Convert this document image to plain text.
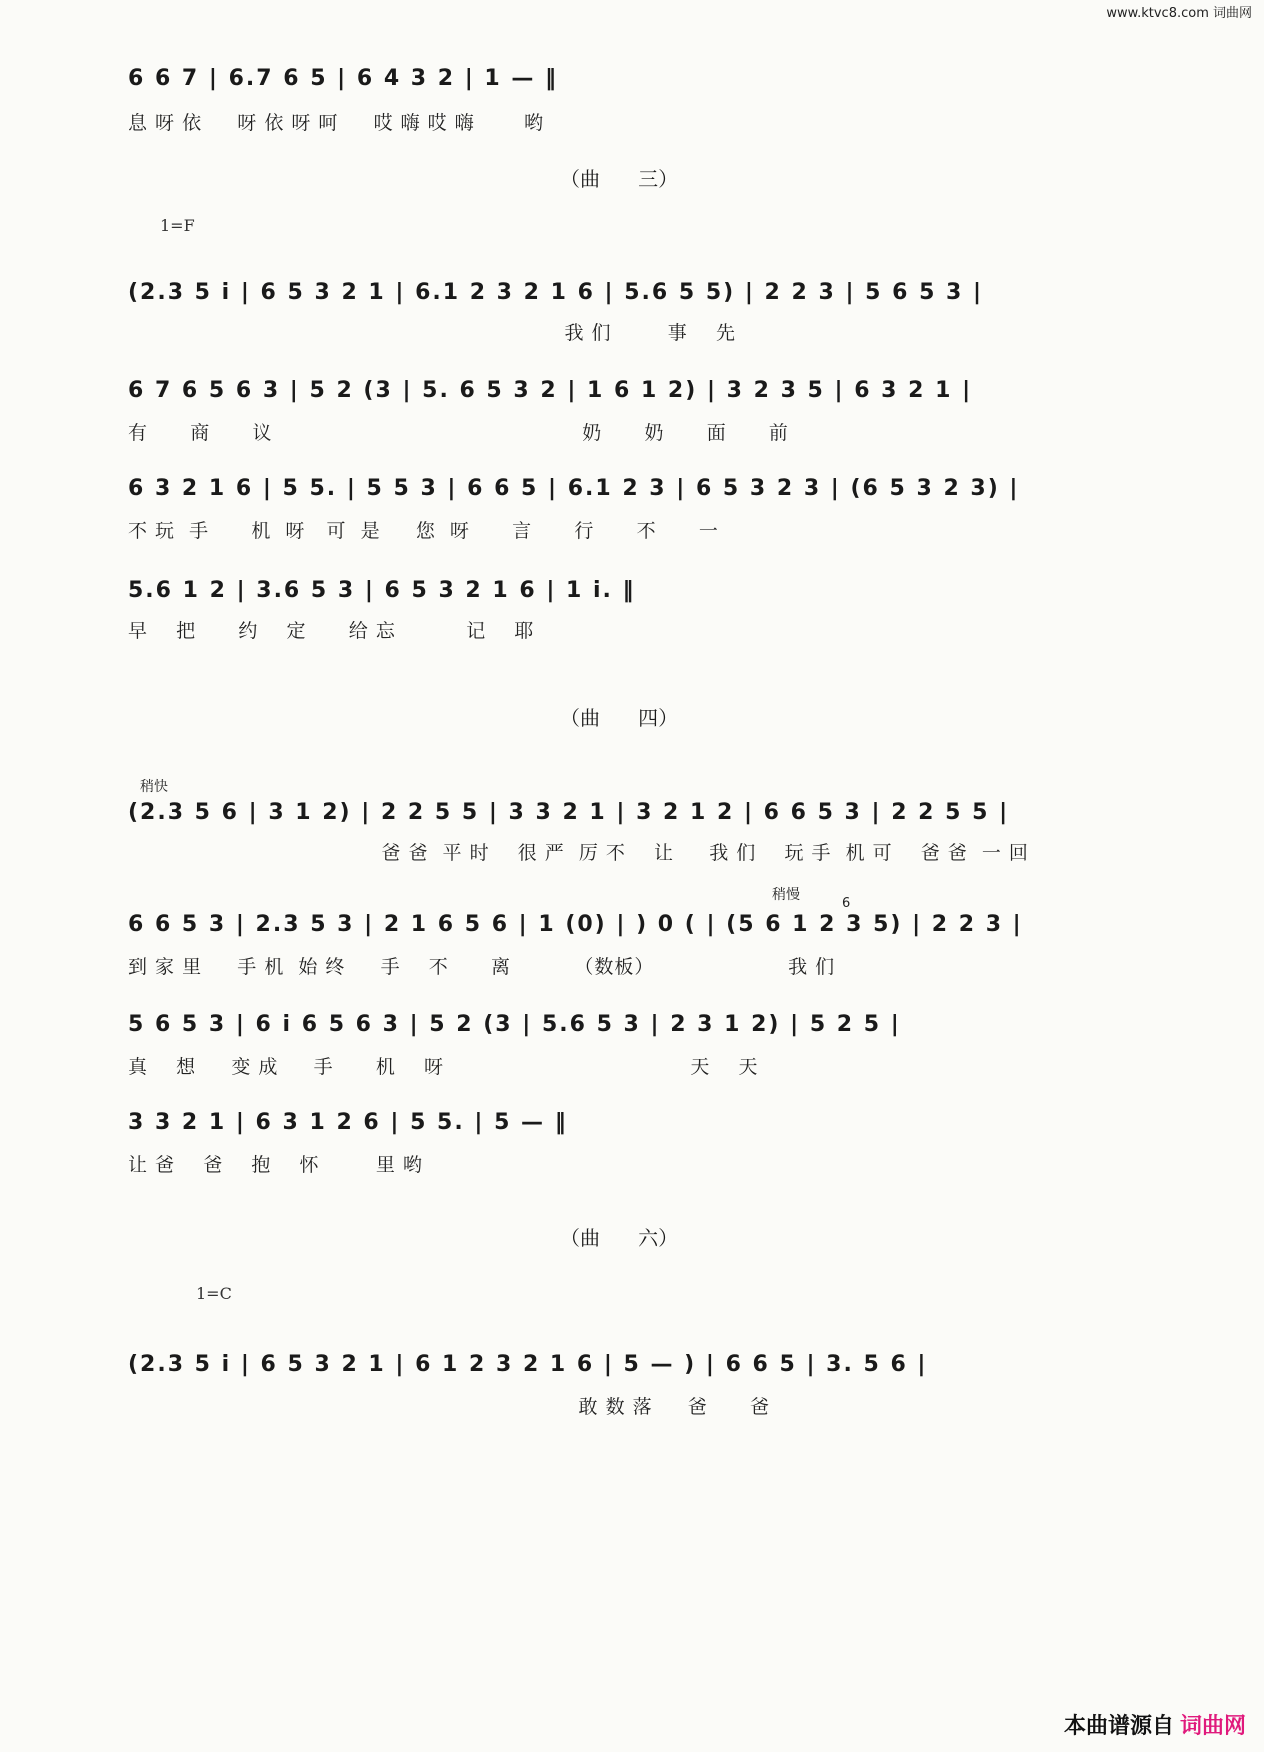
www.ktvc8.com 词曲网
6 6 7 | 6.7 6 5 | 6 4 3 2 | 1 — ‖
息 呀 依     呀 依 呀 呵     哎 嗨 哎 嗨       哟
（曲      三）
1=F
(2.3 5 i | 6 5 3 2 1 | 6.1 2 3 2 1 6 | 5.6 5 5) | 2 2 3 | 5 6 5 3 |
我 们        事    先
6 7 6 5 6 3 | 5 2 (3 | 5. 6 5 3 2 | 1 6 1 2) | 3 2 3 5 | 6 3 2 1 |
有      商      议                                            奶      奶      面      前
6 3 2 1 6 | 5 5. | 5 5 3 | 6 6 5 | 6.1 2 3 | 6 5 3 2 3 | (6 5 3 2 3) |
不 玩  手      机  呀   可  是     您  呀      言      行      不      一
5.6 1 2 | 3.6 5 3 | 6 5 3 2 1 6 | 1 i. ‖
早    把      约    定      给 忘          记    耶
（曲      四）
稍快
(2.3 5 6 | 3 1 2) | 2 2 5 5 | 3 3 2 1 | 3 2 1 2 | 6 6 5 3 | 2 2 5 5 |
爸 爸  平 时    很 严  厉 不    让     我 们    玩 手  机 可    爸 爸  一 回
稍慢
6
6 6 5 3 | 2.3 5 3 | 2 1 6 5 6 | 1 (0) | ) 0 ( | (5 6 1 2 3 5) | 2 2 3 |
到 家 里     手 机  始 终     手    不      离         （数板）                   我 们
5 6 5 3 | 6 i 6 5 6 3 | 5 2 (3 | 5.6 5 3 | 2 3 1 2) | 5 2 5 |
真    想     变 成     手      机    呀                                   天    天
3 3 2 1 | 6 3 1 2 6 | 5 5. | 5 — ‖
让 爸    爸    抱    怀        里 哟
（曲      六）
1=C
(2.3 5 i | 6 5 3 2 1 | 6 1 2 3 2 1 6 | 5 — ) | 6 6 5 | 3. 5 6 |
敢 数 落     爸      爸
本曲谱源自 词曲网
